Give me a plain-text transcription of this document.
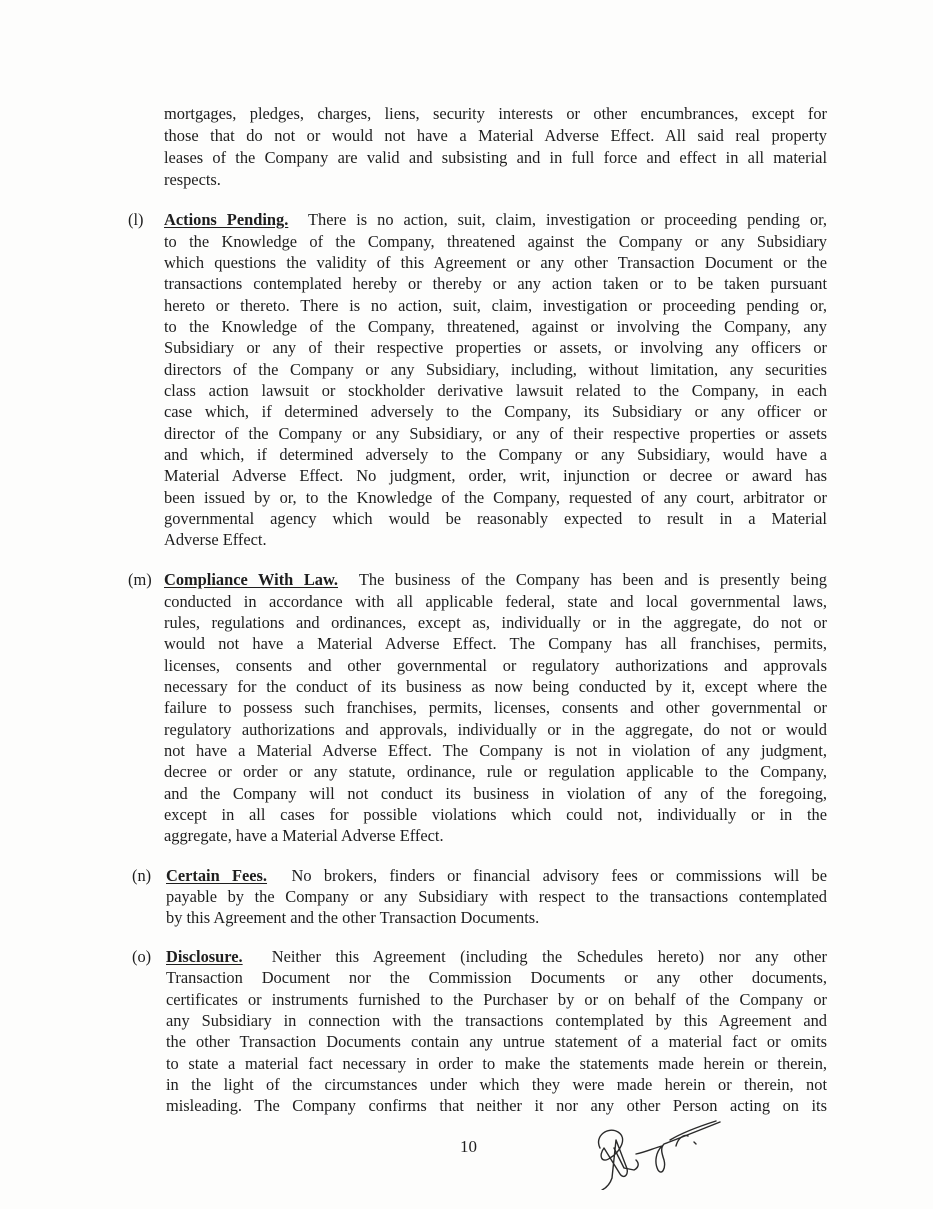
mortgages, pledges, charges, liens, security interests or other encumbrances, except for
those that do not or would not have a Material Adverse Effect. All said real property
leases of the Company are valid and subsisting and in full force and effect in all material
respects.
(l) Actions Pending. There is no action, suit, claim, investigation or proceeding pending or,
to the Knowledge of the Company, threatened against the Company or any Subsidiary
which questions the validity of this Agreement or any other Transaction Document or the
transactions contemplated hereby or thereby or any action taken or to be taken pursuant
hereto or thereto. There is no action, suit, claim, investigation or proceeding pending or,
to the Knowledge of the Company, threatened, against or involving the Company, any
Subsidiary or any of their respective properties or assets, or involving any officers or
directors of the Company or any Subsidiary, including, without limitation, any securities
class action lawsuit or stockholder derivative lawsuit related to the Company, in each
case which, if determined adversely to the Company, its Subsidiary or any officer or
director of the Company or any Subsidiary, or any of their respective properties or assets
and which, if determined adversely to the Company or any Subsidiary, would have a
Material Adverse Effect. No judgment, order, writ, injunction or decree or award has
been issued by or, to the Knowledge of the Company, requested of any court, arbitrator or
governmental agency which would be reasonably expected to result in a Material
Adverse Effect.
(m) Compliance With Law. The business of the Company has been and is presently being
conducted in accordance with all applicable federal, state and local governmental laws,
rules, regulations and ordinances, except as, individually or in the aggregate, do not or
would not have a Material Adverse Effect. The Company has all franchises, permits,
licenses, consents and other governmental or regulatory authorizations and approvals
necessary for the conduct of its business as now being conducted by it, except where the
failure to possess such franchises, permits, licenses, consents and other governmental or
regulatory authorizations and approvals, individually or in the aggregate, do not or would
not have a Material Adverse Effect. The Company is not in violation of any judgment,
decree or order or any statute, ordinance, rule or regulation applicable to the Company,
and the Company will not conduct its business in violation of any of the foregoing,
except in all cases for possible violations which could not, individually or in the
aggregate, have a Material Adverse Effect.
(n) Certain Fees. No brokers, finders or financial advisory fees or commissions will be
payable by the Company or any Subsidiary with respect to the transactions contemplated
by this Agreement and the other Transaction Documents.
(o) Disclosure. Neither this Agreement (including the Schedules hereto) nor any other
Transaction Document nor the Commission Documents or any other documents,
certificates or instruments furnished to the Purchaser by or on behalf of the Company or
any Subsidiary in connection with the transactions contemplated by this Agreement and
the other Transaction Documents contain any untrue statement of a material fact or omits
to state a material fact necessary in order to make the statements made herein or therein,
in the light of the circumstances under which they were made herein or therein, not
misleading. The Company confirms that neither it nor any other Person acting on its
10
